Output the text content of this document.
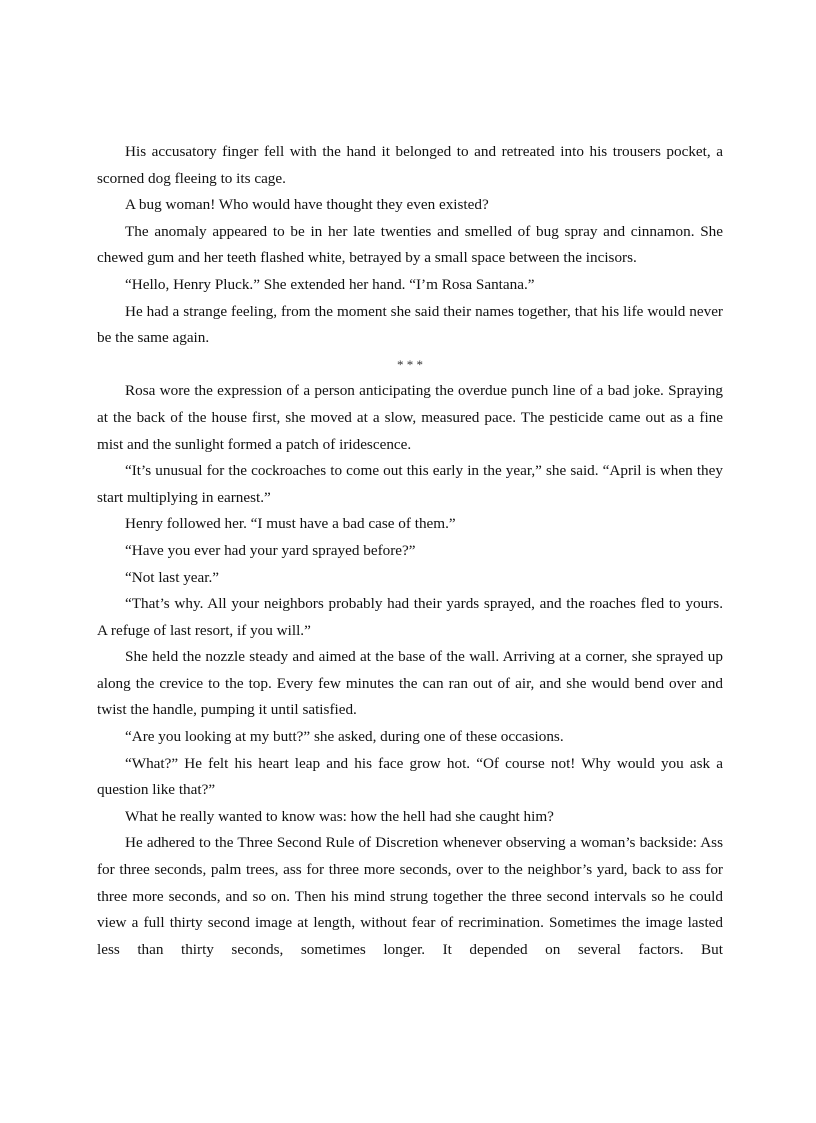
His accusatory finger fell with the hand it belonged to and retreated into his trousers pocket, a scorned dog fleeing to its cage.

A bug woman! Who would have thought they even existed?

The anomaly appeared to be in her late twenties and smelled of bug spray and cinnamon. She chewed gum and her teeth flashed white, betrayed by a small space between the incisors.

“Hello, Henry Pluck.” She extended her hand. “I’m Rosa Santana.”

He had a strange feeling, from the moment she said their names together, that his life would never be the same again.

* * *

Rosa wore the expression of a person anticipating the overdue punch line of a bad joke. Spraying at the back of the house first, she moved at a slow, measured pace. The pesticide came out as a fine mist and the sunlight formed a patch of iridescence.

“It’s unusual for the cockroaches to come out this early in the year,” she said. “April is when they start multiplying in earnest.”

Henry followed her. “I must have a bad case of them.”

“Have you ever had your yard sprayed before?”

“Not last year.”

“That’s why. All your neighbors probably had their yards sprayed, and the roaches fled to yours. A refuge of last resort, if you will.”

She held the nozzle steady and aimed at the base of the wall. Arriving at a corner, she sprayed up along the crevice to the top. Every few minutes the can ran out of air, and she would bend over and twist the handle, pumping it until satisfied.

“Are you looking at my butt?” she asked, during one of these occasions.

“What?” He felt his heart leap and his face grow hot. “Of course not! Why would you ask a question like that?”

What he really wanted to know was: how the hell had she caught him?

He adhered to the Three Second Rule of Discretion whenever observing a woman’s backside: Ass for three seconds, palm trees, ass for three more seconds, over to the neighbor’s yard, back to ass for three more seconds, and so on. Then his mind strung together the three second intervals so he could view a full thirty second image at length, without fear of recrimination. Sometimes the image lasted less than thirty seconds, sometimes longer. It depended on several factors. But
